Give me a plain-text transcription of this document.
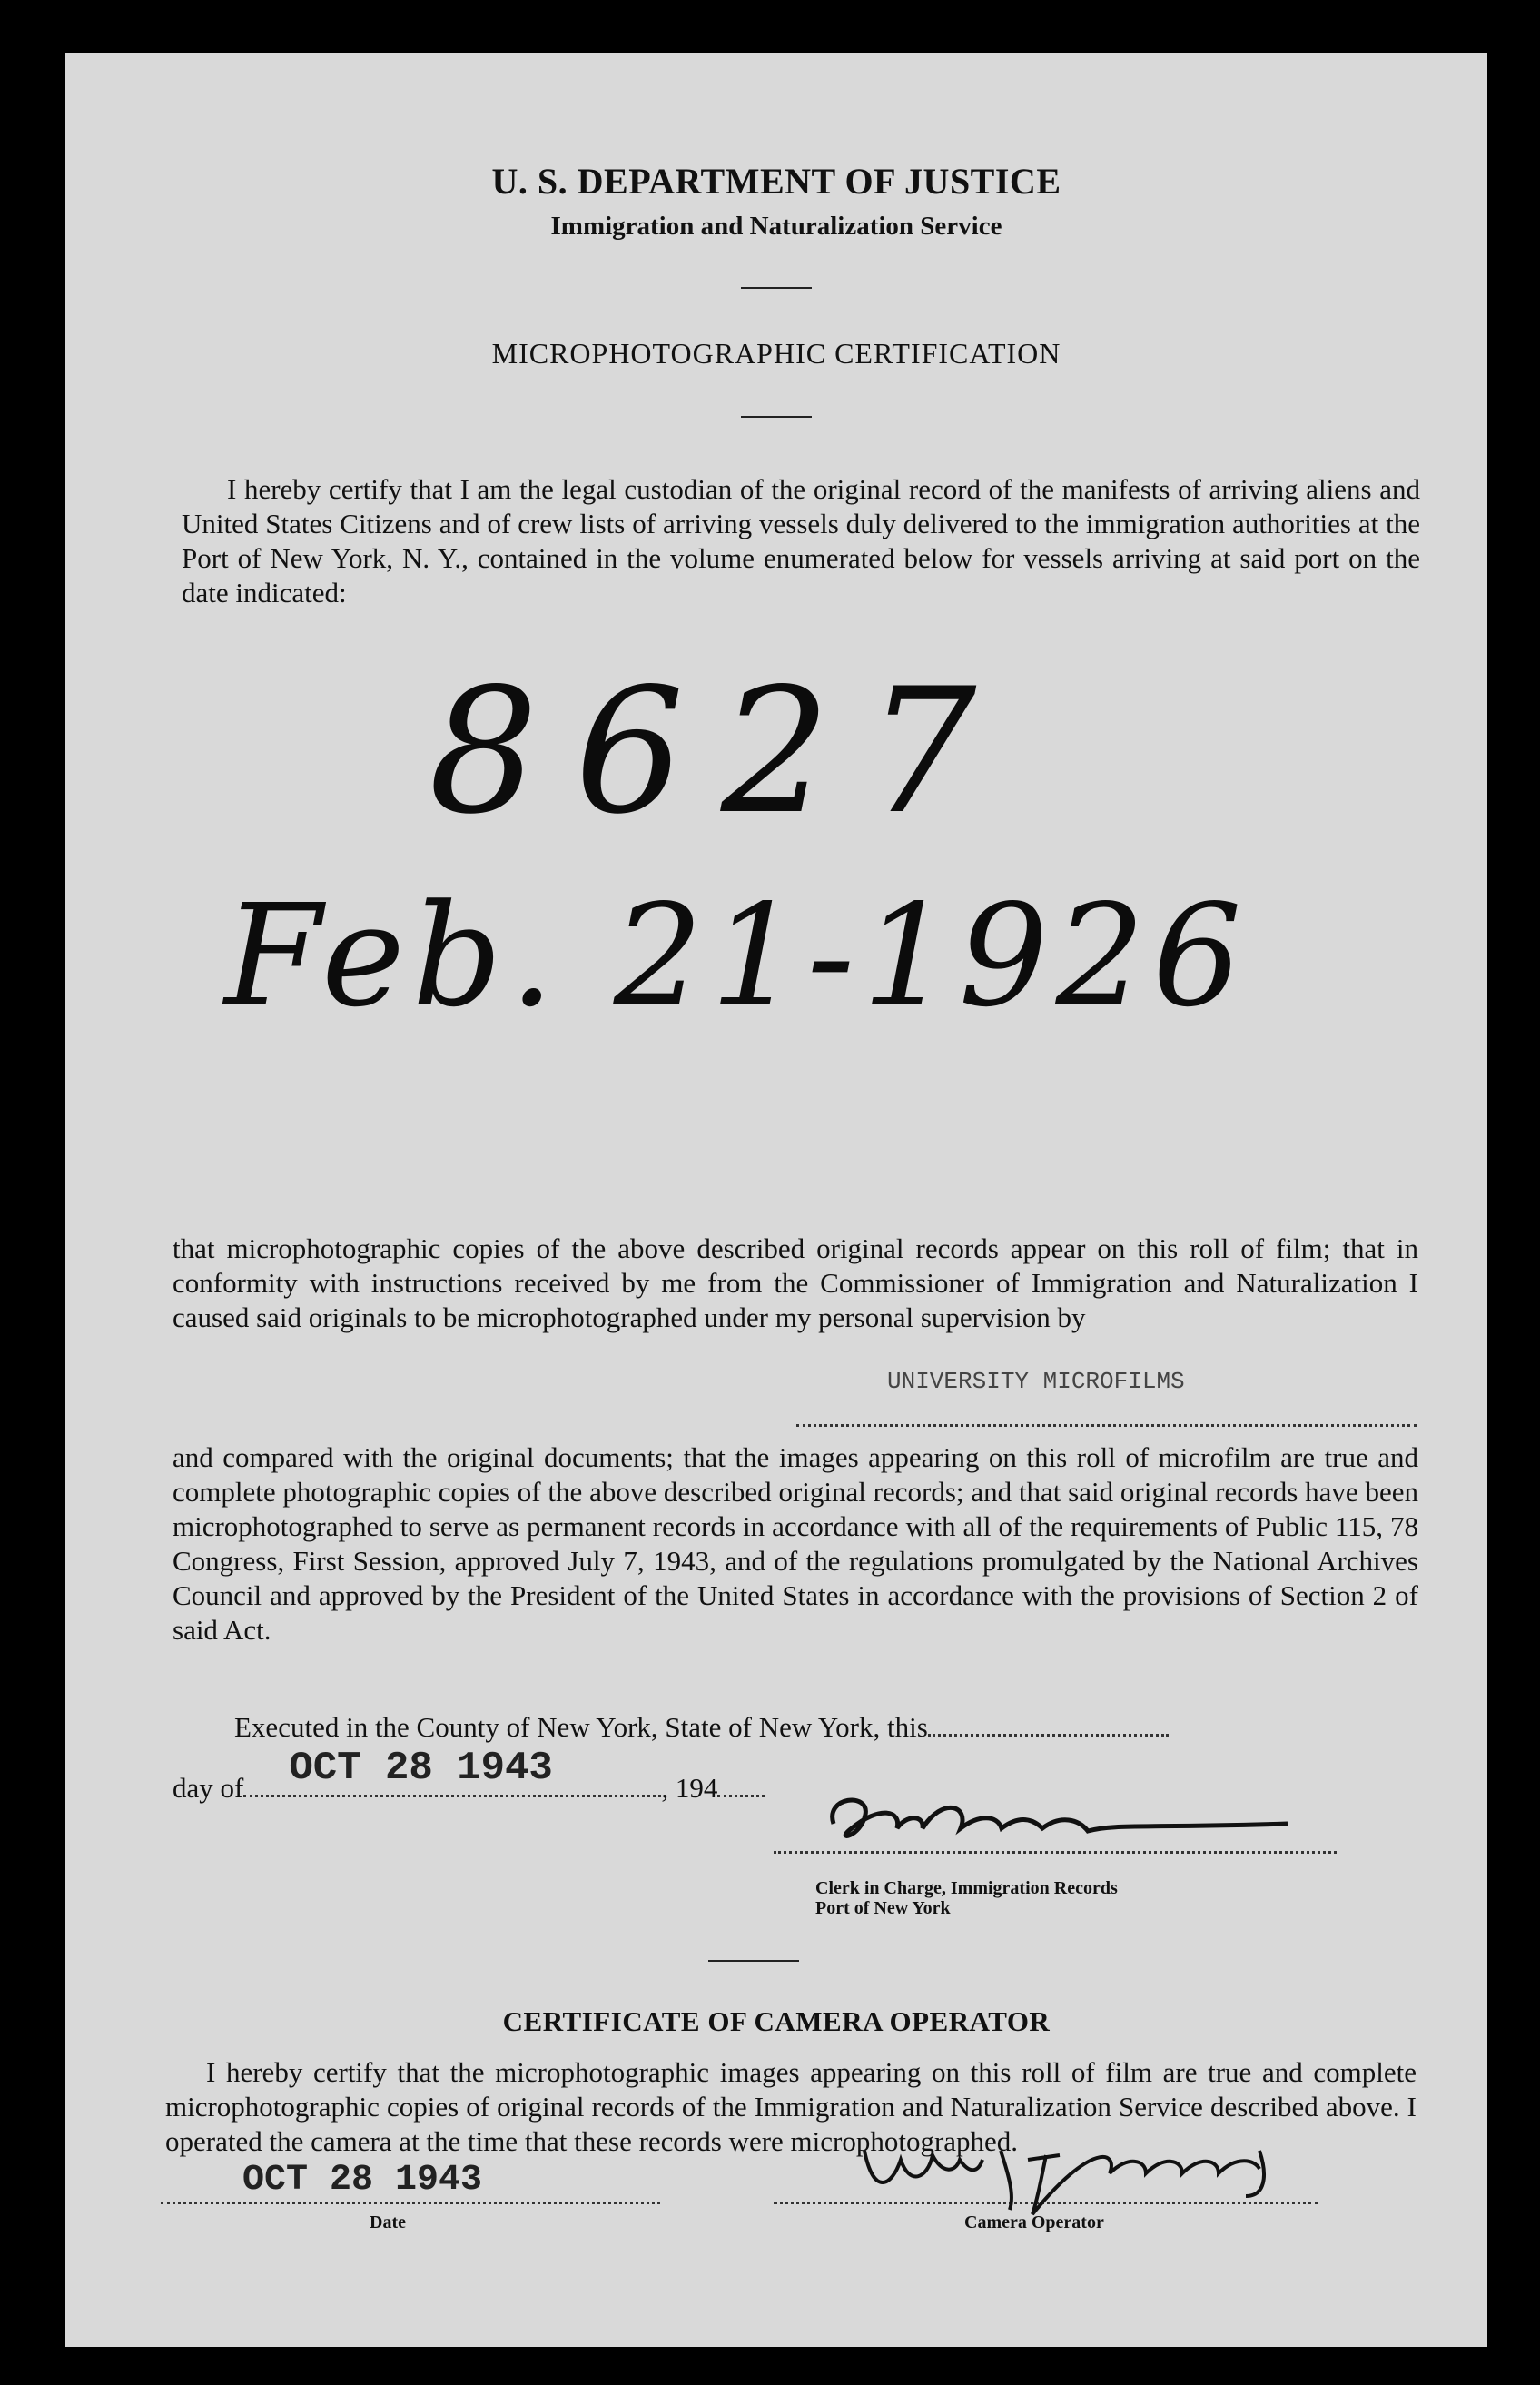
U. S. DEPARTMENT OF JUSTICE
Immigration and Naturalization Service
MICROPHOTOGRAPHIC CERTIFICATION
I hereby certify that I am the legal custodian of the original record of the manifests of arriving aliens and United States Citizens and of crew lists of arriving vessels duly delivered to the immigration authorities at the Port of New York, N. Y., contained in the volume enumerated below for vessels arriving at said port on the date indicated:
8627
Feb. 21-1926
that microphotographic copies of the above described original records appear on this roll of film; that in conformity with instructions received by me from the Commissioner of Immigration and Naturalization I caused said originals to be microphotographed under my personal supervision by
UNIVERSITY MICROFILMS
and compared with the original documents; that the images appearing on this roll of microfilm are true and complete photographic copies of the above described original records; and that said original records have been microphotographed to serve as permanent records in accordance with all of the requirements of Public 115, 78 Congress, First Session, approved July 7, 1943, and of the regulations promulgated by the National Archives Council and approved by the President of the United States in accordance with the provisions of Section 2 of said Act.
Executed in the County of New York, State of New York, this
day of OCT 28 1943	, 194
Clerk in Charge, Immigration Records
Port of New York
CERTIFICATE OF CAMERA OPERATOR
I hereby certify that the microphotographic images appearing on this roll of film are true and complete microphotographic copies of original records of the Immigration and Naturalization Service described above. I operated the camera at the time that these records were microphotographed.
OCT 28 1943
Date	Camera Operator
